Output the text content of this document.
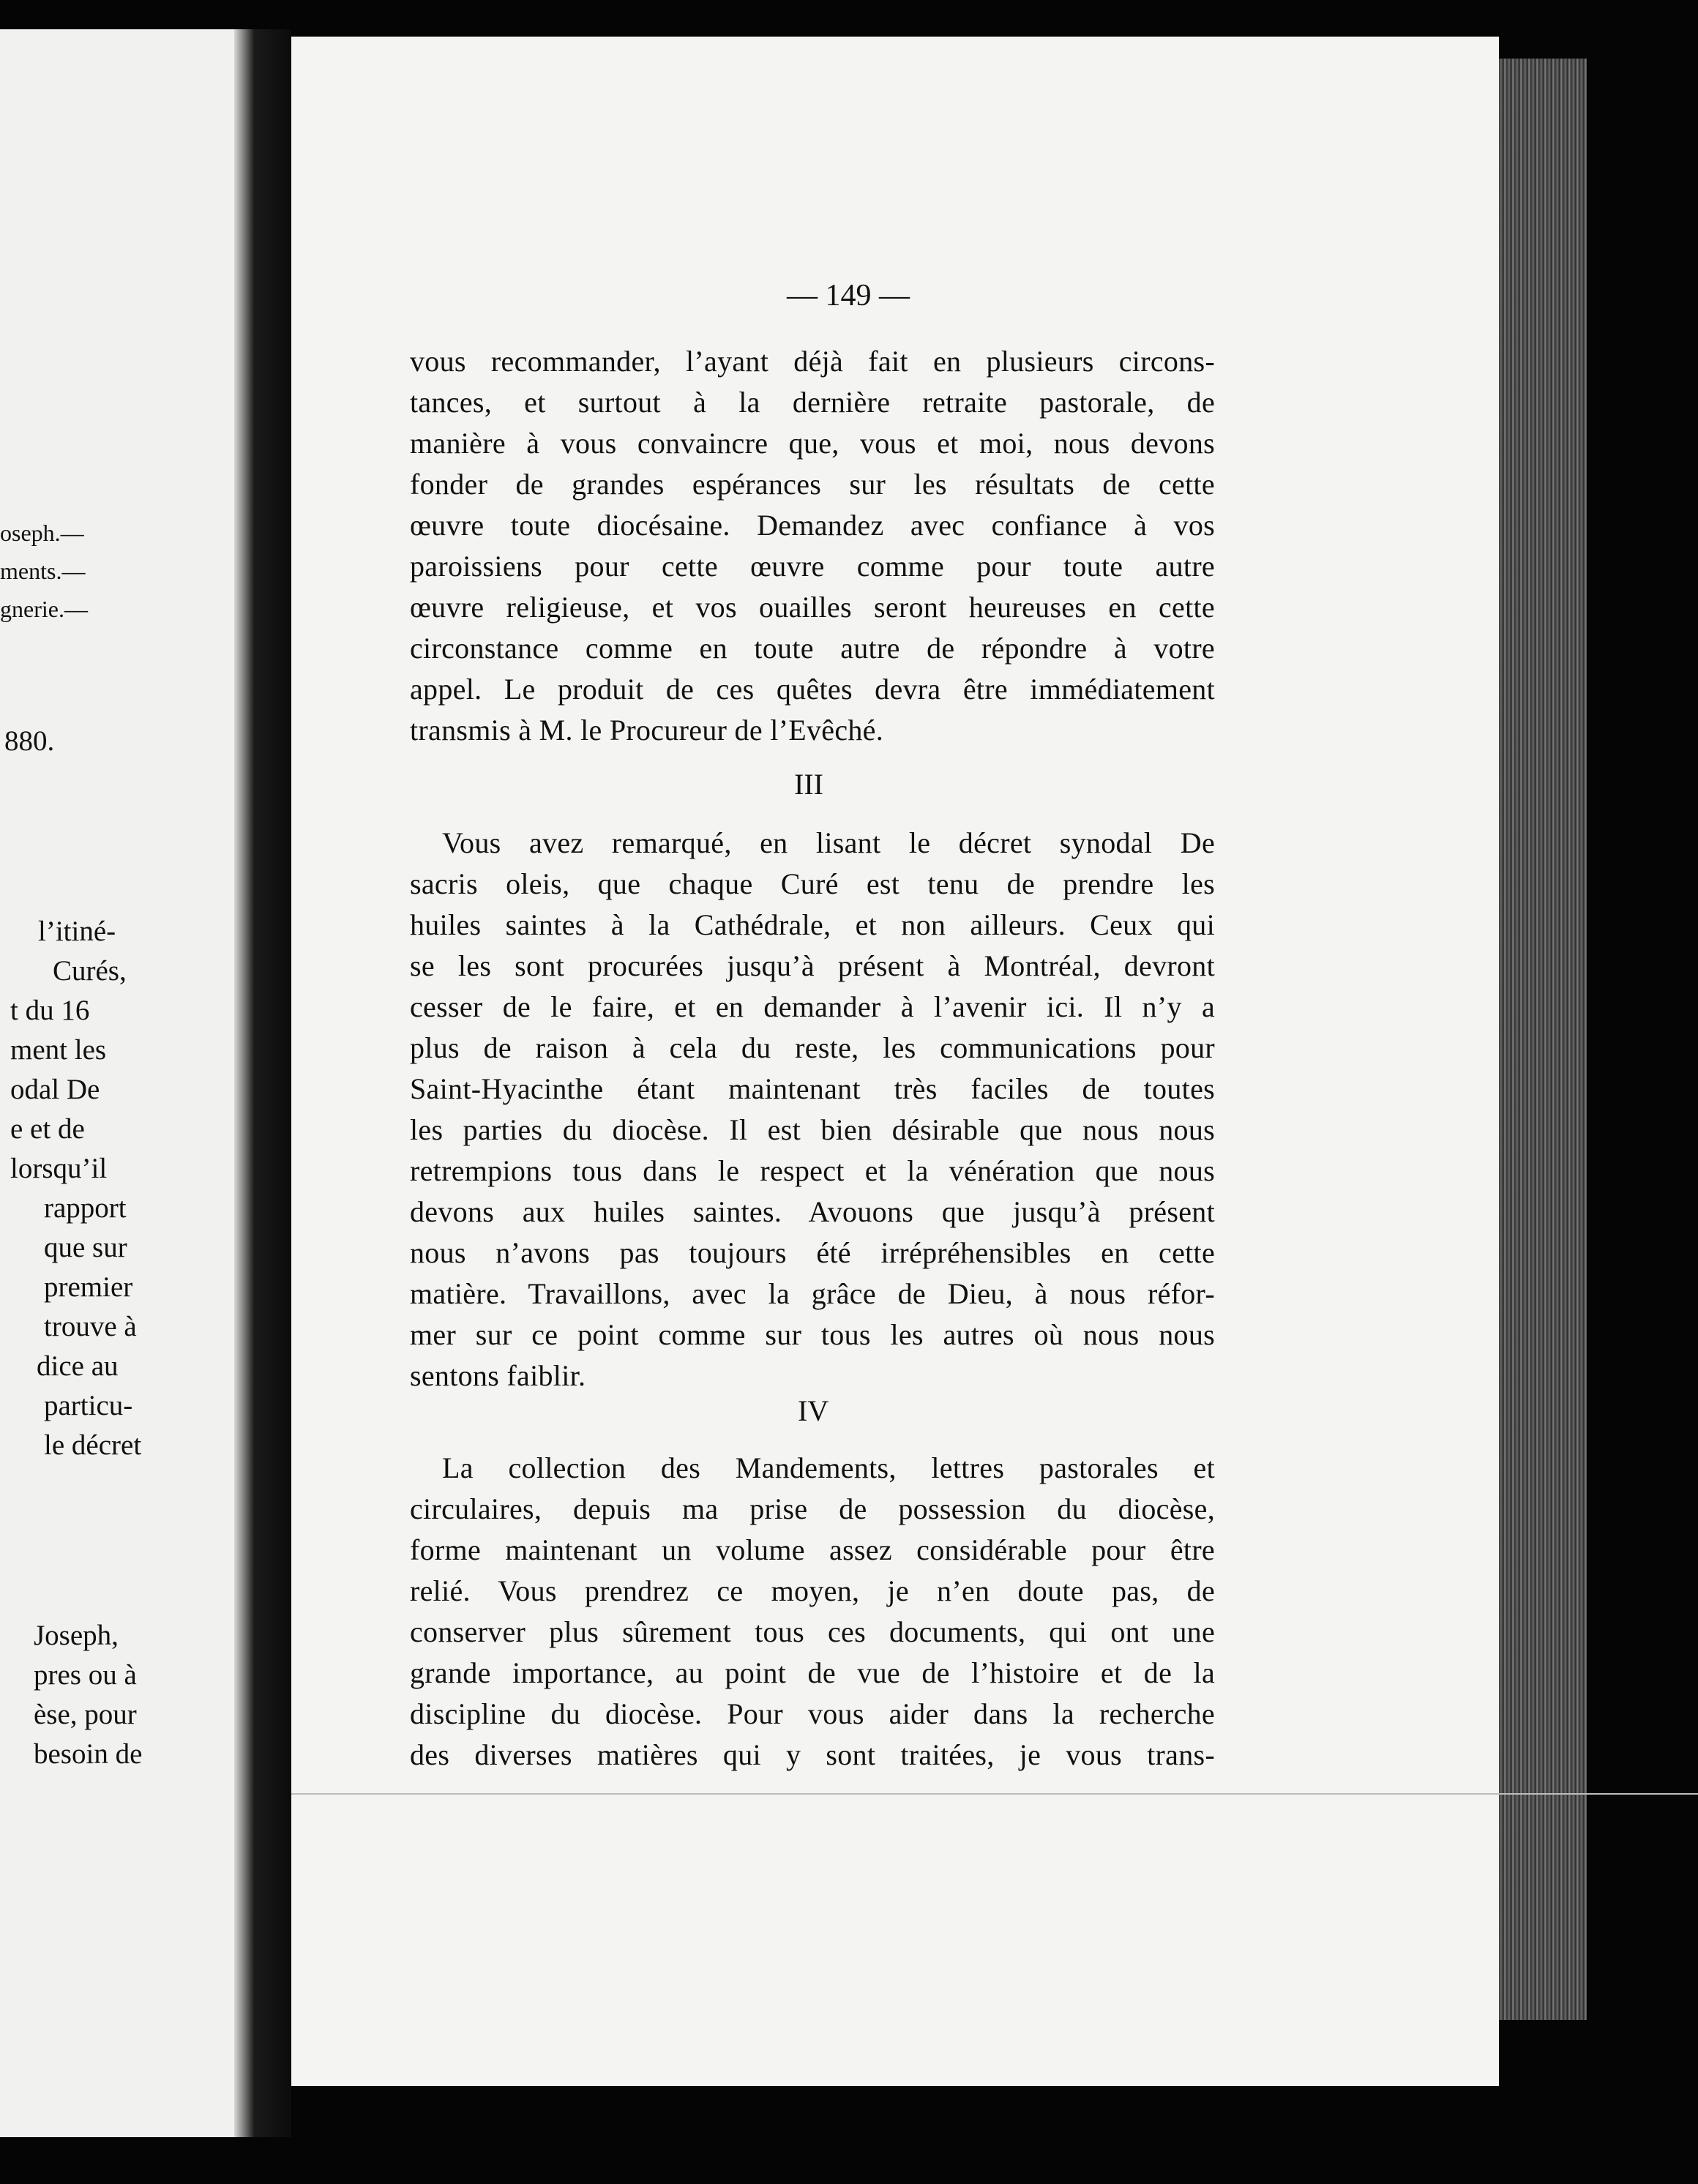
oseph.—
ments.—
gnerie.—
880.
l’itiné-
Curés,
t du 16
ment les
odal De
e et de
lorsqu’il
rapport
que sur
premier
trouve à
dice au
particu-
le décret
Joseph,
pres ou à
èse, pour
besoin de
— 149 —
vous recommander, l’ayant déjà fait en plusieurs circons-
tances, et surtout à la dernière retraite pastorale, de
manière à vous convaincre que, vous et moi, nous devons
fonder de grandes espérances sur les résultats de cette
œuvre toute diocésaine. Demandez avec confiance à vos
paroissiens pour cette œuvre comme pour toute autre
œuvre religieuse, et vos ouailles seront heureuses en cette
circonstance comme en toute autre de répondre à votre
appel. Le produit de ces quêtes devra être immédiatement
transmis à M. le Procureur de l’Evêché.
III
Vous avez remarqué, en lisant le décret synodal De
sacris oleis, que chaque Curé est tenu de prendre les
huiles saintes à la Cathédrale, et non ailleurs. Ceux qui
se les sont procurées jusqu’à présent à Montréal, devront
cesser de le faire, et en demander à l’avenir ici. Il n’y a
plus de raison à cela du reste, les communications pour
Saint-Hyacinthe étant maintenant très faciles de toutes
les parties du diocèse. Il est bien désirable que nous nous
retrempions tous dans le respect et la vénération que nous
devons aux huiles saintes. Avouons que jusqu’à présent
nous n’avons pas toujours été irrépréhensibles en cette
matière. Travaillons, avec la grâce de Dieu, à nous réfor-
mer sur ce point comme sur tous les autres où nous nous
sentons faiblir.
IV
La collection des Mandements, lettres pastorales et
circulaires, depuis ma prise de possession du diocèse,
forme maintenant un volume assez considérable pour être
relié. Vous prendrez ce moyen, je n’en doute pas, de
conserver plus sûrement tous ces documents, qui ont une
grande importance, au point de vue de l’histoire et de la
discipline du diocèse. Pour vous aider dans la recherche
des diverses matières qui y sont traitées, je vous trans-
